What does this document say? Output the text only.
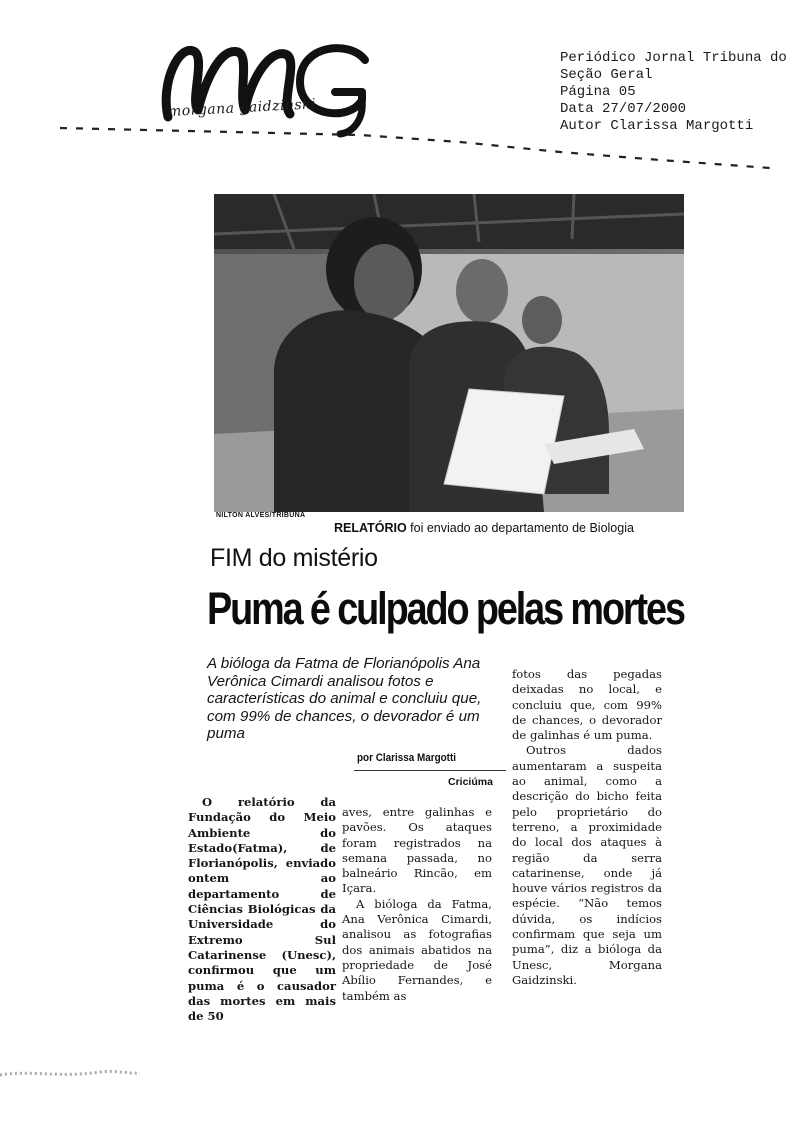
morgana gaidzinski
Periódico Jornal Tribuna do
Seção Geral
Página 05
Data 27/07/2000
Autor Clarissa Margotti
NILTON ALVES/TRIBUNA
RELATÓRIO foi enviado ao departamento de Biologia
FIM do mistério
Puma é culpado pelas mortes
A bióloga da Fatma de Florianópolis Ana Verônica Cimardi analisou fotos e características do animal e concluiu que, com 99% de chances, o devorador é um puma
por Clarissa Margotti
Criciúma

O relatório da Fundação do Meio Ambiente do Estado(Fatma), de Florianópolis, enviado ontem ao departamento de Ciências Biológicas da Universidade do Extremo Sul Catarinense (Unesc), confirmou que um puma é o causador das mortes em mais de 50

aves, entre galinhas e pavões. Os ataques foram registrados na semana passada, no balneário Rincão, em Içara.

A bióloga da Fatma, Ana Verônica Cimardi, analisou as fotografias dos animais abatidos na propriedade de José Abílio Fernandes, e também as

fotos das pegadas deixadas no local, e concluiu que, com 99% de chances, o devorador de galinhas é um puma.

Outros dados aumentaram a suspeita ao animal, como a descrição do bicho feita pelo proprietário do terreno, a proximidade do local dos ataques à região da serra catarinense, onde já houve vários registros da espécie. “Não temos dúvida, os indícios confirmam que seja um puma”, diz a bióloga da Unesc, Morgana Gaidzinski.
